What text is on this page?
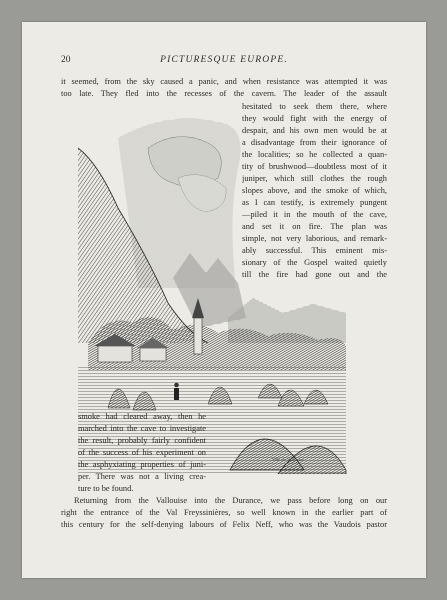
20	PICTURESQUE EUROPE.
it seemed, from the sky caused a panic, and when resistance was attempted it was
too late. They fled into the recesses of the cavern. The leader of the assault
hesitated to seek them there, where
they would fight with the energy of
despair, and his own men would be at
a disadvantage from their ignorance of
the localities; so he collected a quan-
tity of brushwood—doubtless most of it
juniper, which still clothes the rough
slopes above, and the smoke of which,
as I can testify, is extremely pungent
—piled it in the mouth of the cave,
and set it on fire. The plan was
simple, not very laborious, and remark-
ably successful. This eminent mis-
sionary of the Gospel waited quietly
till the fire had gone out and the
Ville de Vallouise
smoke had cleared away, then he
marched into the cave to investigate
the result, probably fairly confident
of the success of his experiment on
the asphyxiating properties of juni-
per. There was not a living crea-
ture to be found.
Returning from the Vallouise into the Durance, we pass before long on our
right the entrance of the Val Freyssinières, so well known in the earlier part of
this century for the self-denying labours of Felix Neff, who was the Vaudois pastor
